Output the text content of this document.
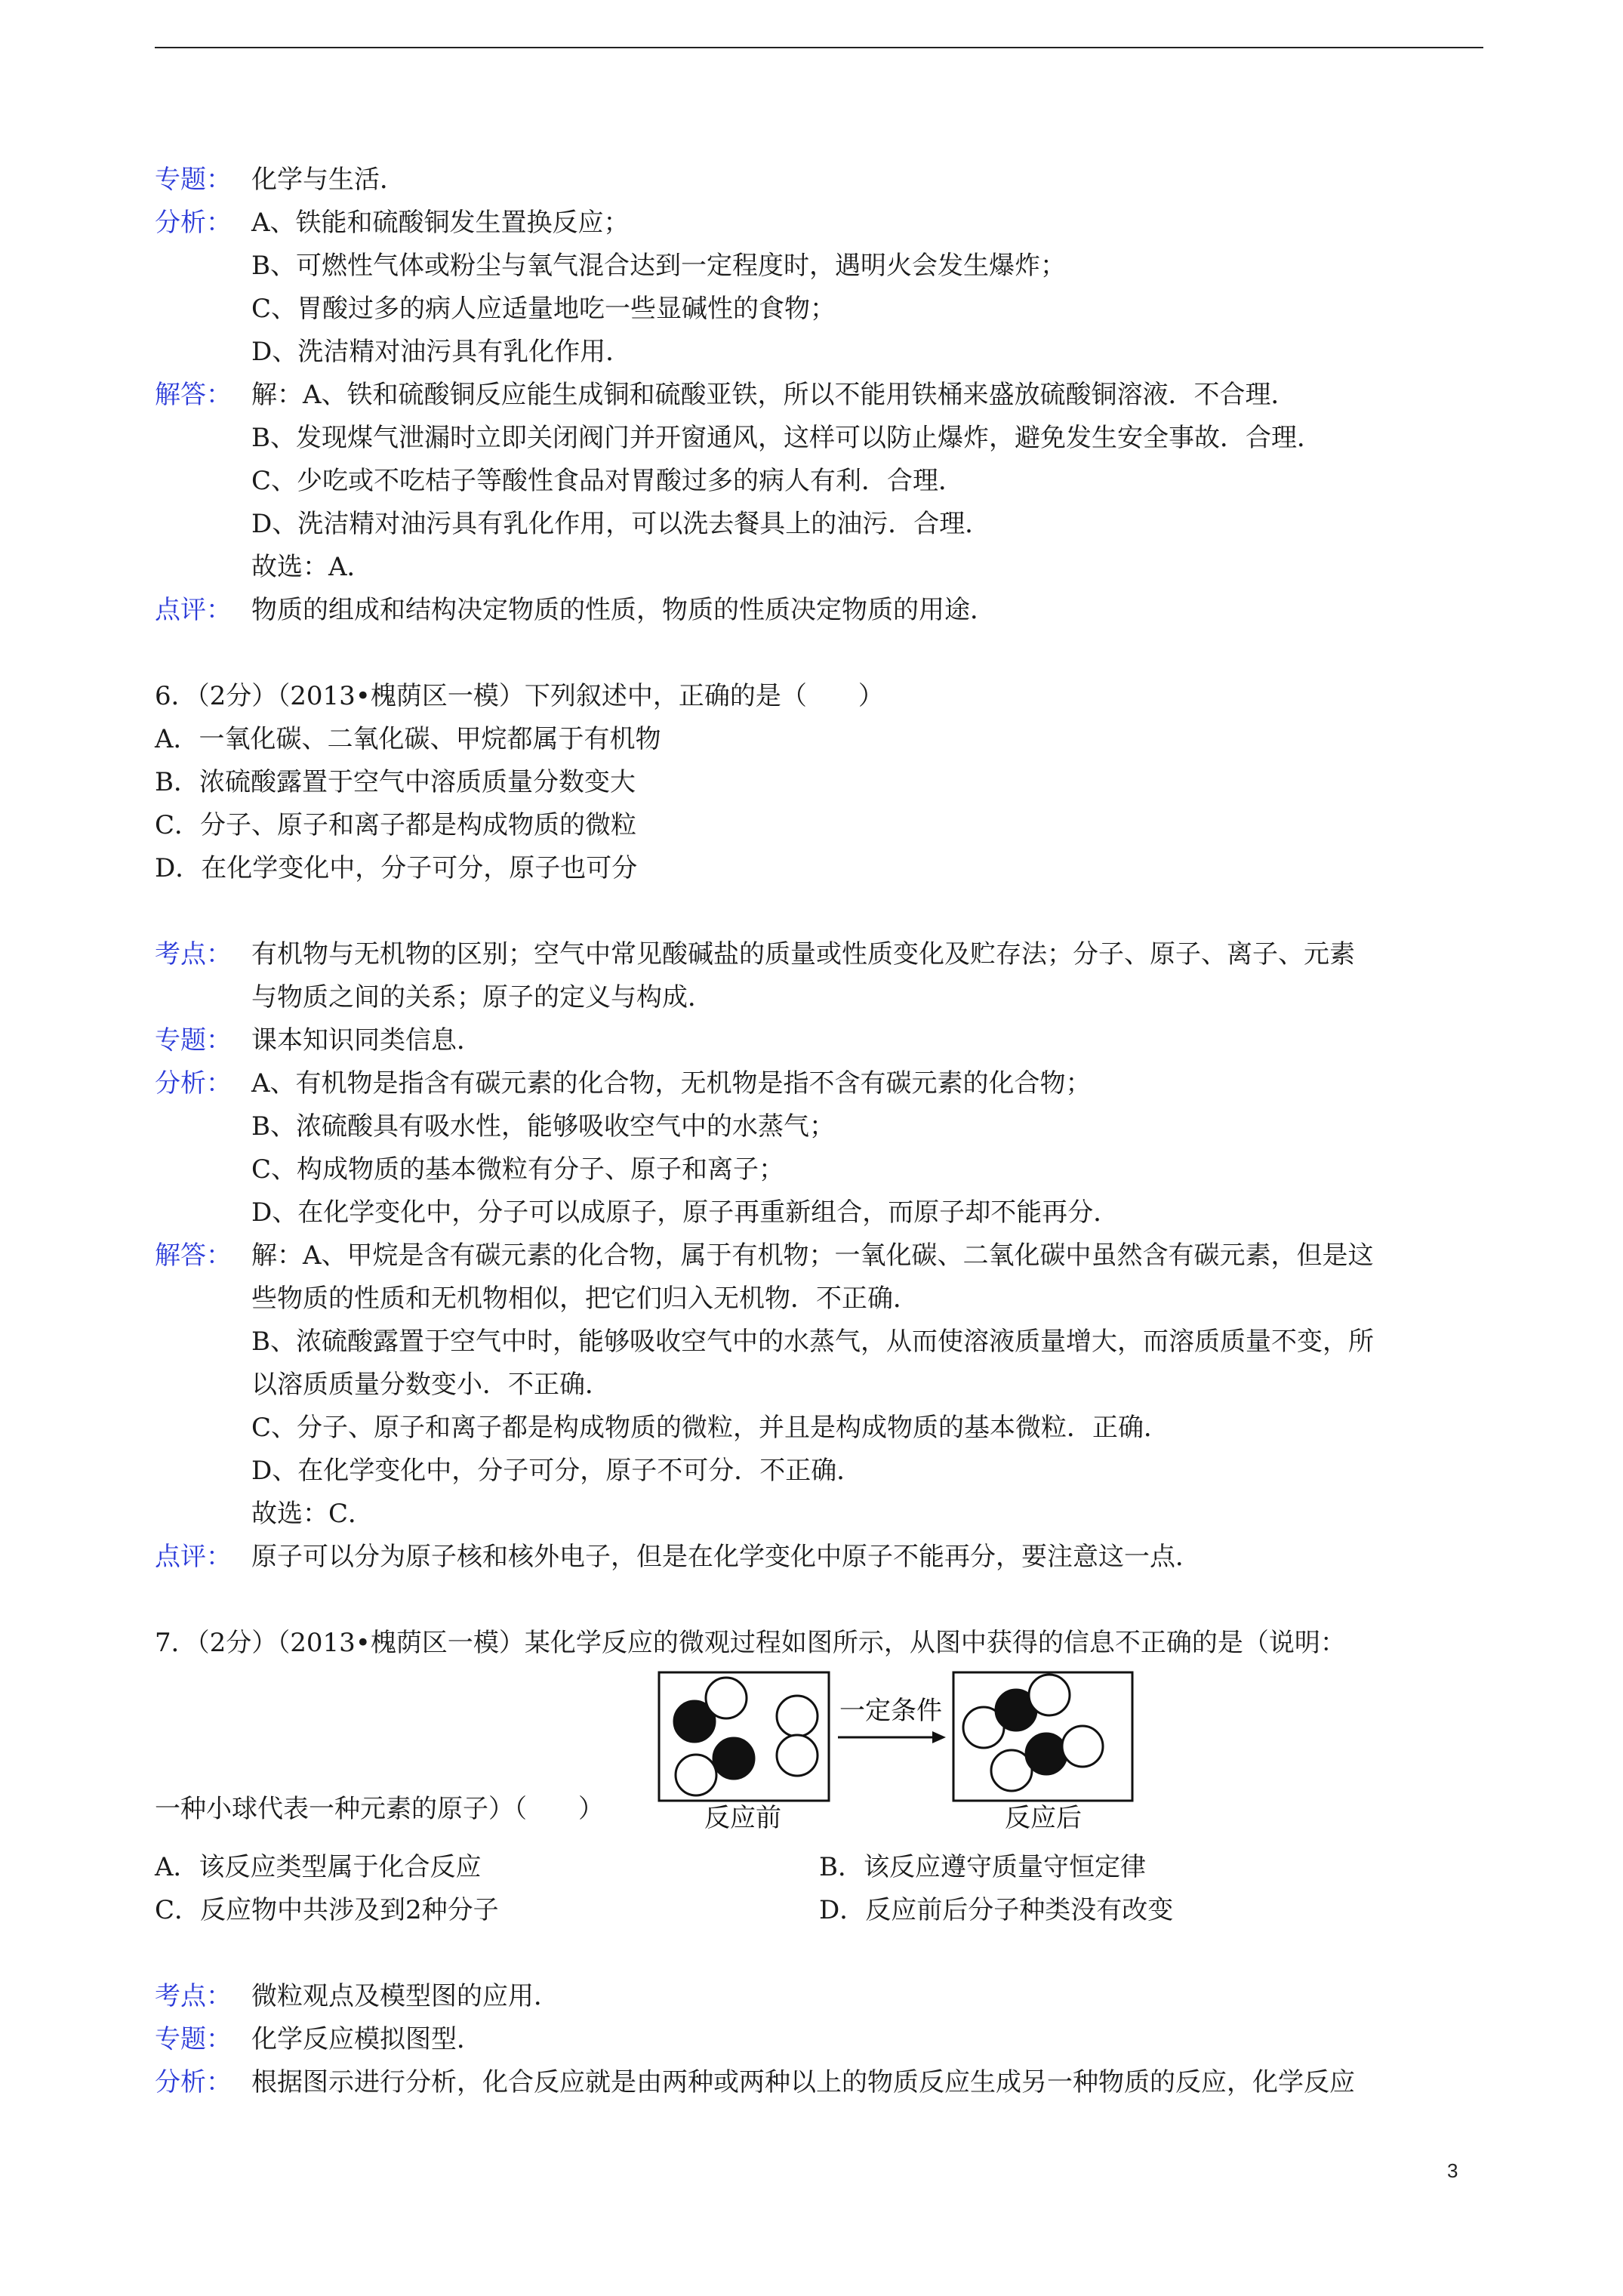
专题： 化学与生活．
分析： A、铁能和硫酸铜发生置换反应；
B、可燃性气体或粉尘与氧气混合达到一定程度时，遇明火会发生爆炸；
C、胃酸过多的病人应适量地吃一些显碱性的食物；
D、洗洁精对油污具有乳化作用．
解答： 解：A、铁和硫酸铜反应能生成铜和硫酸亚铁，所以不能用铁桶来盛放硫酸铜溶液．不合理．
B、发现煤气泄漏时立即关闭阀门并开窗通风，这样可以防止爆炸，避免发生安全事故．合理．
C、少吃或不吃桔子等酸性食品对胃酸过多的病人有利．合理．
D、洗洁精对油污具有乳化作用，可以洗去餐具上的油污．合理．
故选：A．
点评： 物质的组成和结构决定物质的性质，物质的性质决定物质的用途．
6．（2分）（2013•槐荫区一模）下列叙述中，正确的是（　　）
A．一氧化碳、二氧化碳、甲烷都属于有机物
B．浓硫酸露置于空气中溶质质量分数变大
C．分子、原子和离子都是构成物质的微粒
D．在化学变化中，分子可分，原子也可分
考点： 有机物与无机物的区别；空气中常见酸碱盐的质量或性质变化及贮存法；分子、原子、离子、元素
与物质之间的关系；原子的定义与构成．
专题： 课本知识同类信息．
分析： A、有机物是指含有碳元素的化合物，无机物是指不含有碳元素的化合物；
B、浓硫酸具有吸水性，能够吸收空气中的水蒸气；
C、构成物质的基本微粒有分子、原子和离子；
D、在化学变化中，分子可以成原子，原子再重新组合，而原子却不能再分．
解答： 解：A、甲烷是含有碳元素的化合物，属于有机物；一氧化碳、二氧化碳中虽然含有碳元素，但是这
些物质的性质和无机物相似，把它们归入无机物．不正确．
B、浓硫酸露置于空气中时，能够吸收空气中的水蒸气，从而使溶液质量增大，而溶质质量不变，所
以溶质质量分数变小．不正确．
C、分子、原子和离子都是构成物质的微粒，并且是构成物质的基本微粒．正确．
D、在化学变化中，分子可分，原子不可分．不正确．
故选：C．
点评： 原子可以分为原子核和核外电子，但是在化学变化中原子不能再分，要注意这一点．
7．（2分）（2013•槐荫区一模）某化学反应的微观过程如图所示，从图中获得的信息不正确的是（说明：
一种小球代表一种元素的原子）（　　）
一定条件
反应前	反应后
A．该反应类型属于化合反应	B．该反应遵守质量守恒定律
C．反应物中共涉及到2种分子	D．反应前后分子种类没有改变
考点： 微粒观点及模型图的应用．
专题： 化学反应模拟图型．
分析： 根据图示进行分析，化合反应就是由两种或两种以上的物质反应生成另一种物质的反应，化学反应
3
